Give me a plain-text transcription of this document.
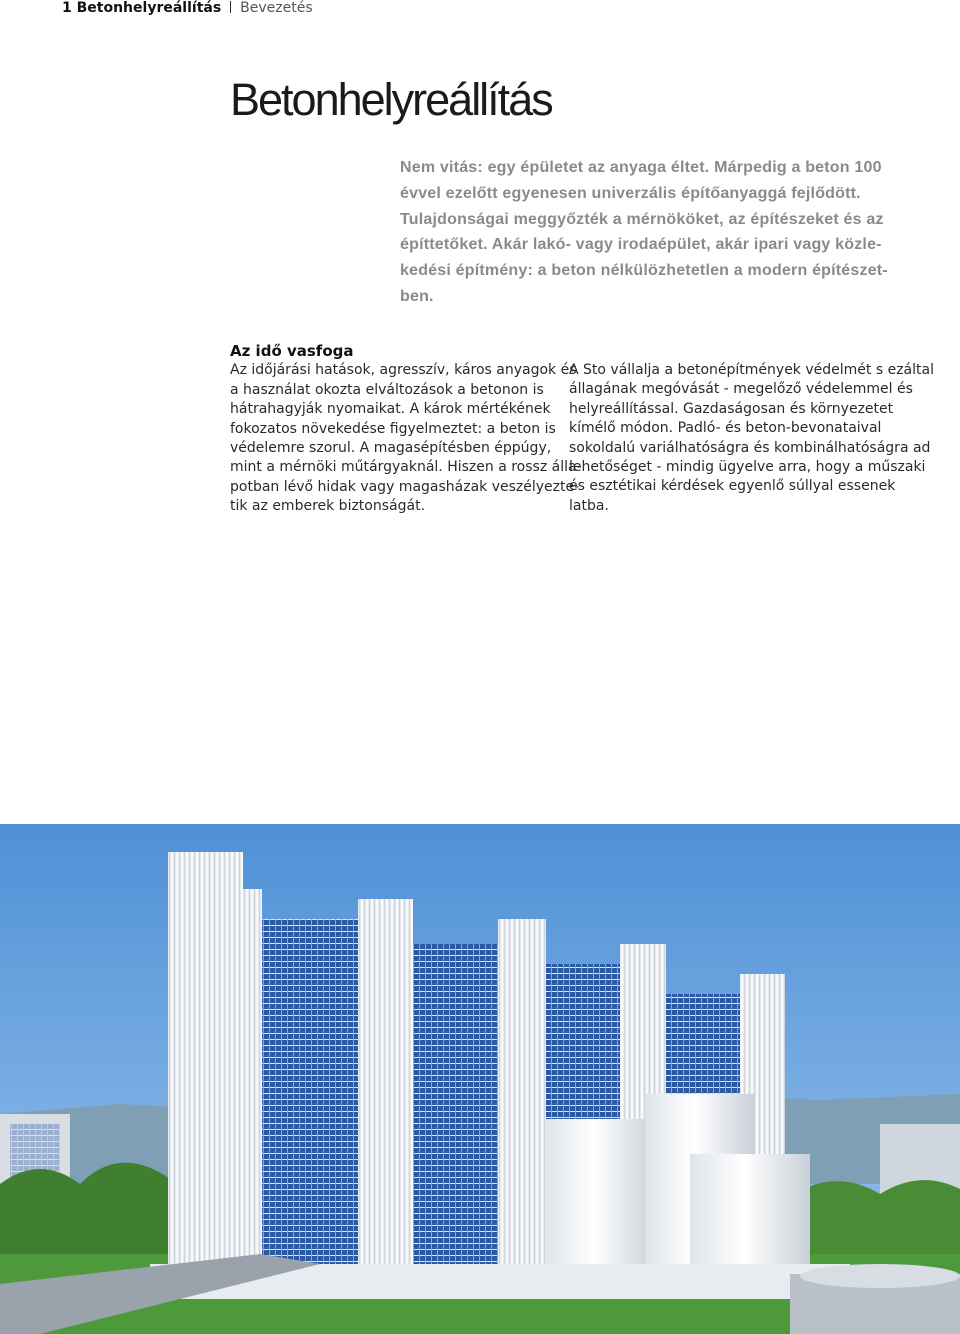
1 Betonhelyreállítás Bevezetés
Betonhelyreállítás
Nem vitás: egy épületet az anyaga éltet. Márpedig a beton 100
évvel ezelőtt egyenesen univerzális építőanyaggá fejlődött.
Tulajdonságai meggyőzték a mérnököket, az építészeket és az
építtetőket. Akár lakó- vagy irodaépület, akár ipari vagy közle-
kedési építmény: a beton nélkülözhetetlen a modern építészet-
ben.
Az idő vasfoga
Az időjárási hatások, agresszív, káros anyagok és
a használat okozta elváltozások a betonon is
hátrahagyják nyomaikat. A károk mértékének
fokozatos növekedése figyelmeztet: a beton is
védelemre szorul. A magasépítésben éppúgy,
mint a mérnöki műtárgyaknál. Hiszen a rossz álla-
potban lévő hidak vagy magasházak veszélyezte-
tik az emberek biztonságát.
A Sto vállalja a betonépítmények védelmét s ezáltal
állagának megóvását - megelőző védelemmel és
helyreállítással. Gazdaságosan és környezetet
kímélő módon. Padló- és beton-bevonataival
sokoldalú variálhatóságra és kombinálhatóságra ad
lehetőséget - mindig ügyelve arra, hogy a műszaki
és esztétikai kérdések egyenlő súllyal essenek
latba.
